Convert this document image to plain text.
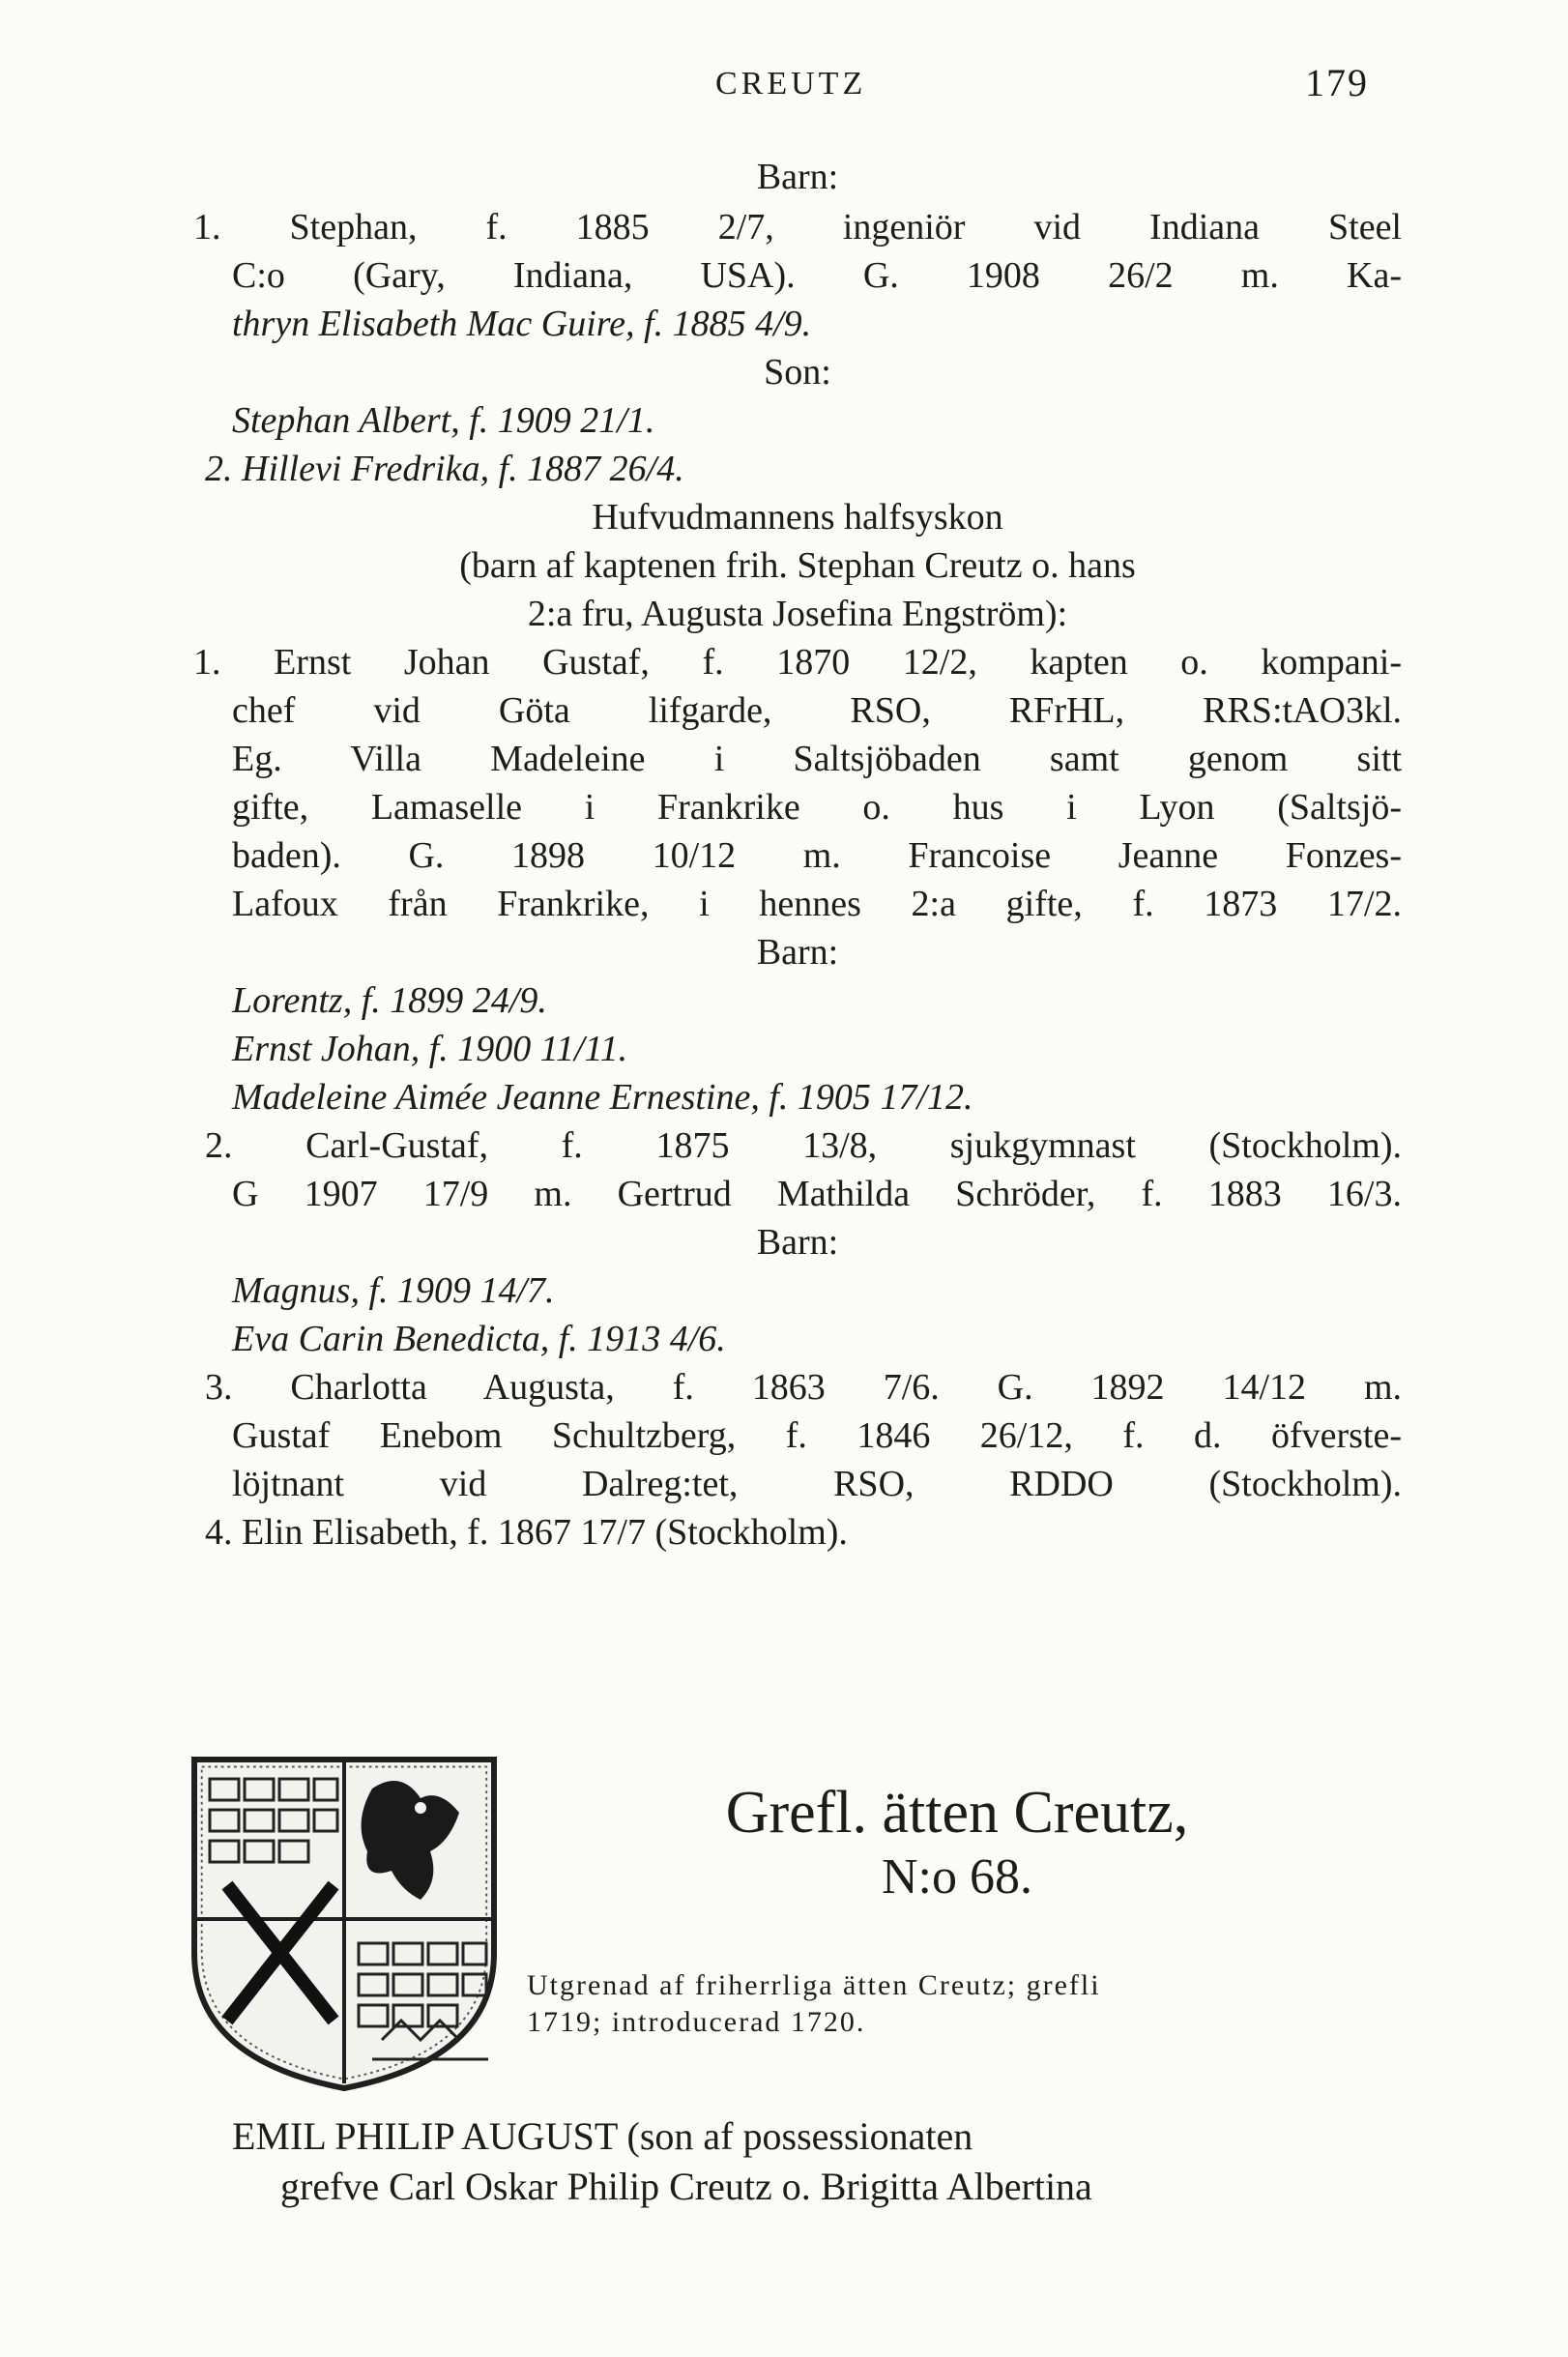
CREUTZ	179
Barn:
1. Stephan, f. 1885 2/7, ingeniör vid Indiana Steel
C:o (Gary, Indiana, USA). G. 1908 26/2 m. Ka-
thryn Elisabeth Mac Guire, f. 1885 4/9.
Son:
Stephan Albert, f. 1909 21/1.
2. Hillevi Fredrika, f. 1887 26/4.
Hufvudmannens halfsyskon
(barn af kaptenen frih. Stephan Creutz o. hans
2:a fru, Augusta Josefina Engström):
1. Ernst Johan Gustaf, f. 1870 12/2, kapten o. kompani-
chef vid Göta lifgarde, RSO, RFrHL, RRS:tAO3kl.
Eg. Villa Madeleine i Saltsjöbaden samt genom sitt
gifte, Lamaselle i Frankrike o. hus i Lyon (Saltsjö-
baden). G. 1898 10/12 m. Francoise Jeanne Fonzes-
Lafoux från Frankrike, i hennes 2:a gifte, f. 1873 17/2.
Barn:
Lorentz, f. 1899 24/9.
Ernst Johan, f. 1900 11/11.
Madeleine Aimée Jeanne Ernestine, f. 1905 17/12.
2. Carl-Gustaf, f. 1875 13/8, sjukgymnast (Stockholm).
G 1907 17/9 m. Gertrud Mathilda Schröder, f. 1883 16/3.
Barn:
Magnus, f. 1909 14/7.
Eva Carin Benedicta, f. 1913 4/6.
3. Charlotta Augusta, f. 1863 7/6. G. 1892 14/12 m.
Gustaf Enebom Schultzberg, f. 1846 26/12, f. d. öfverste-
löjtnant vid Dalreg:tet, RSO, RDDO (Stockholm).
4. Elin Elisabeth, f. 1867 17/7 (Stockholm).
Grefl. ätten Creutz,
N:o 68.
Utgrenad af friherrliga ätten Creutz; grefli
1719; introducerad 1720.
EMIL PHILIP AUGUST (son af possessionaten
grefve Carl Oskar Philip Creutz o. Brigitta Albertina
